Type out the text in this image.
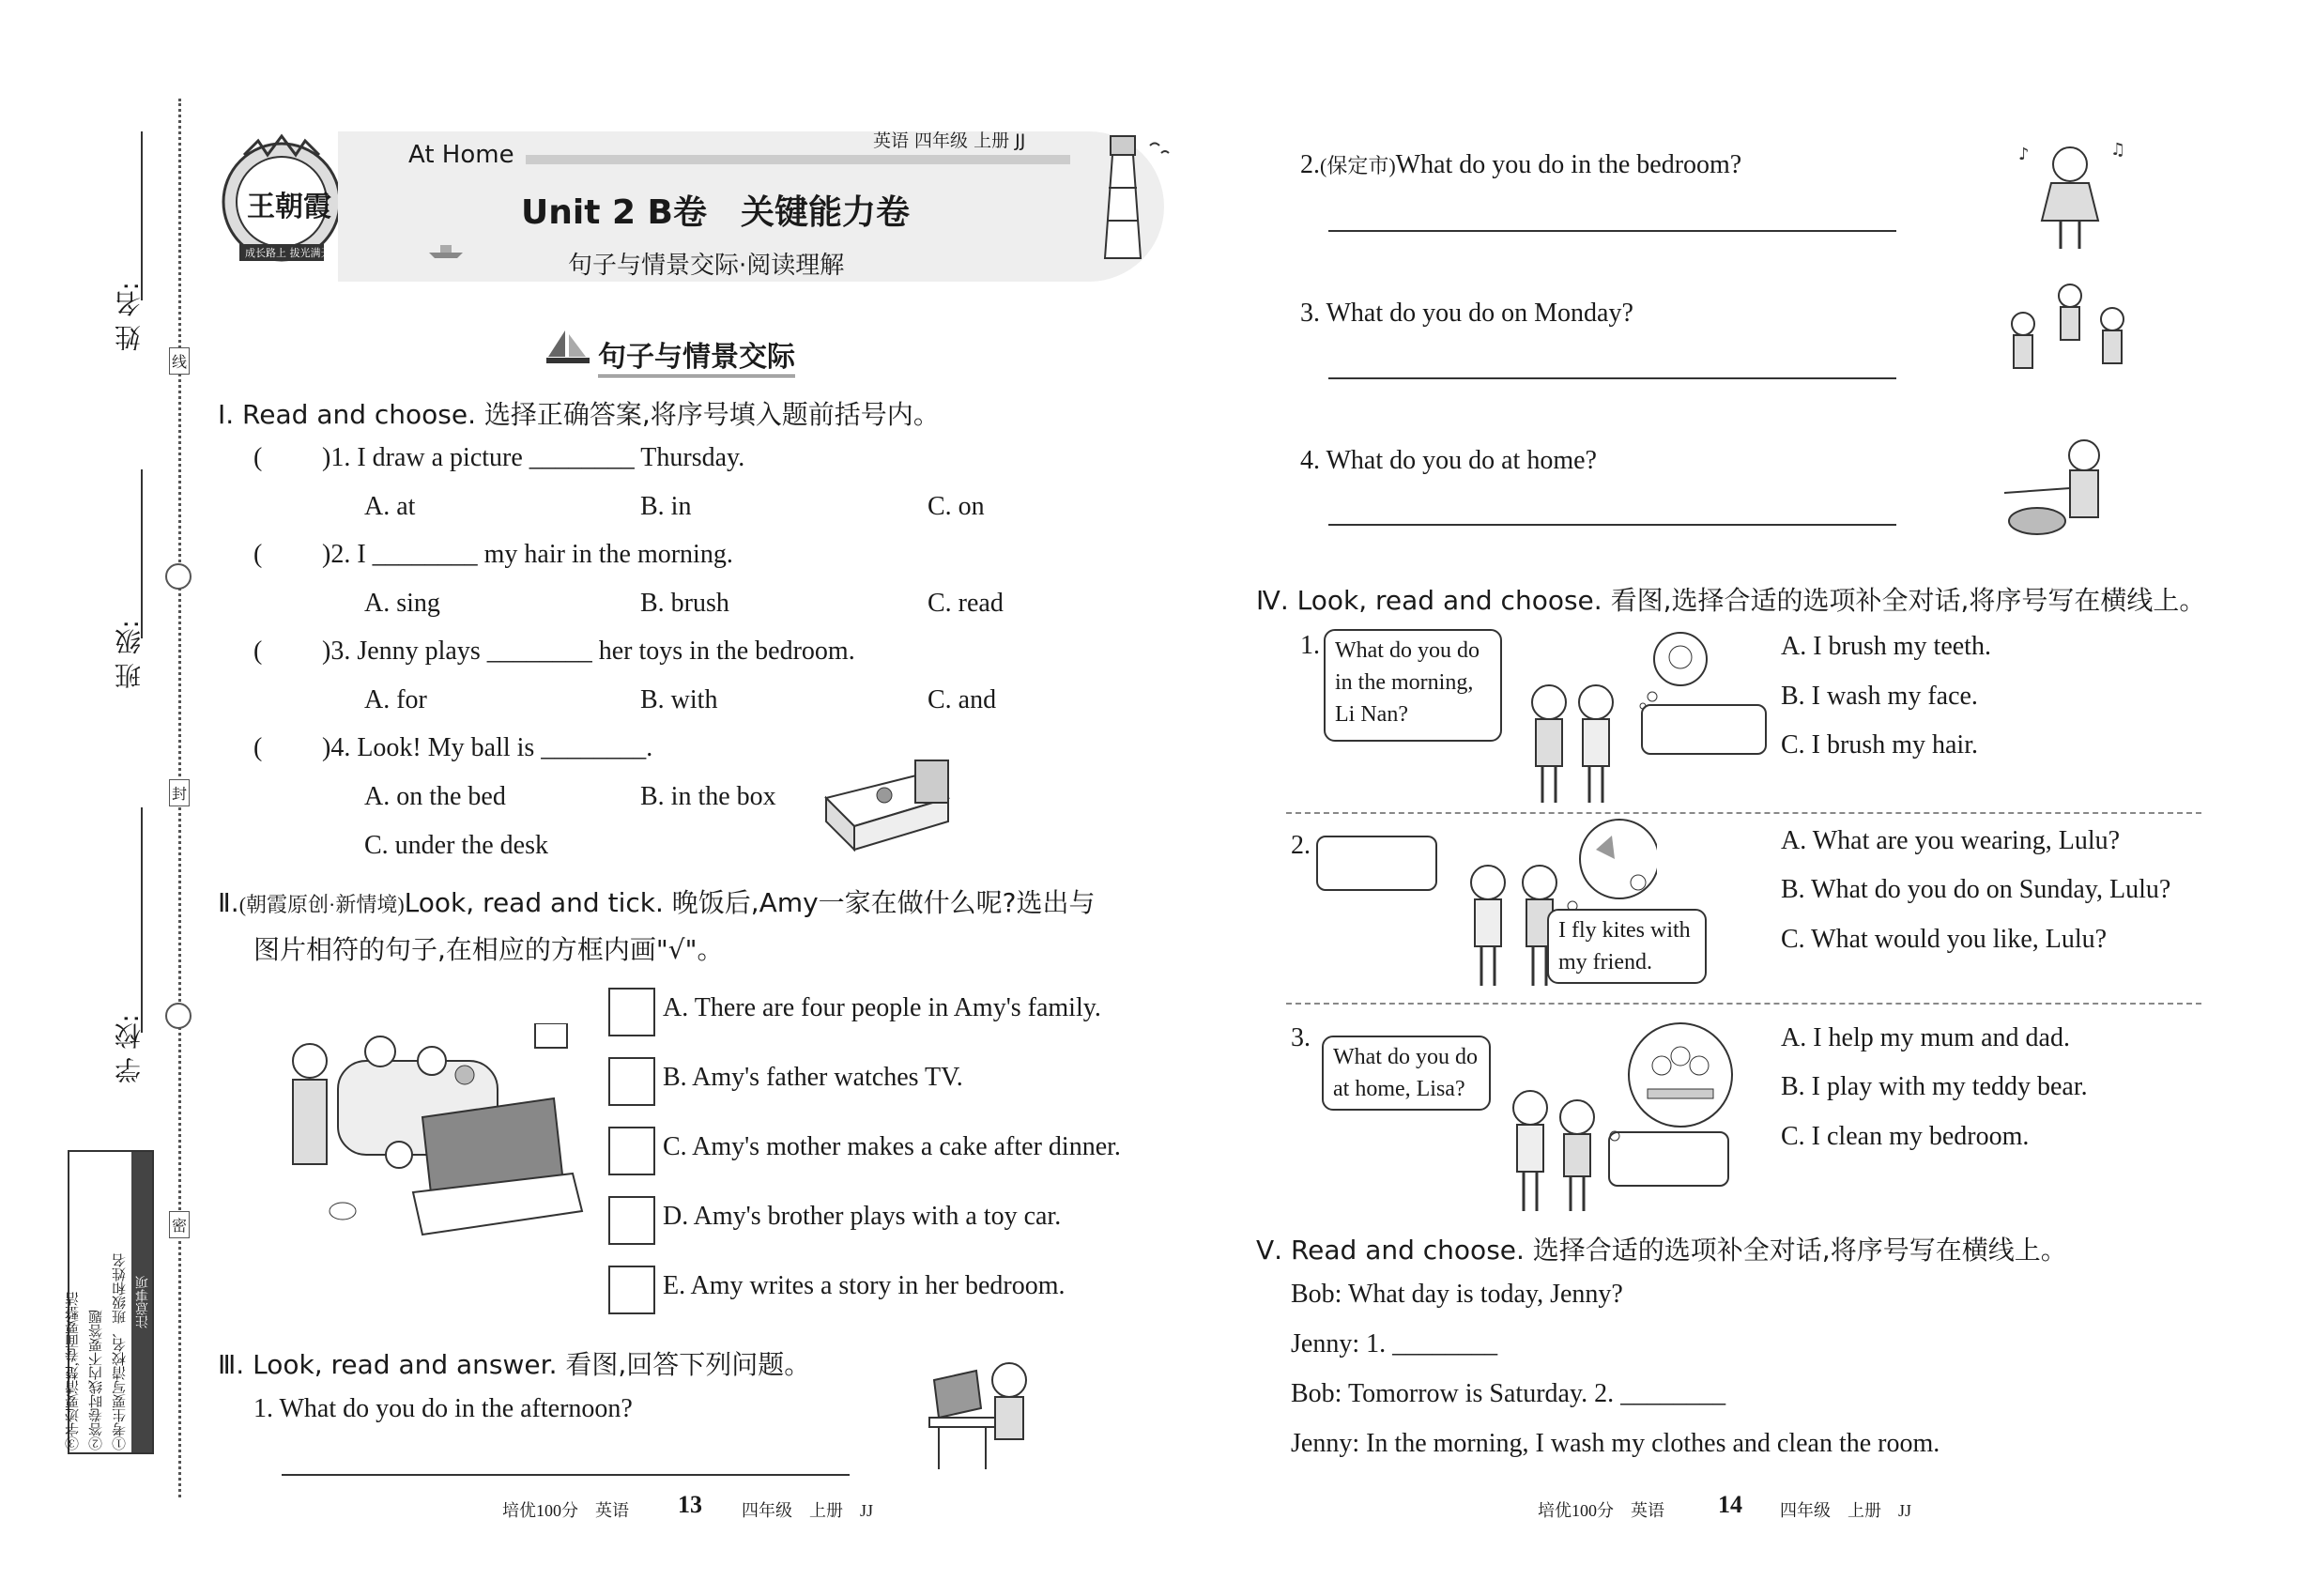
姓 名:
班 级:
学 校:
线
封
密
注意事项
①考生要写清校名、班级和姓名
②答卷时线内不要答题
③字迹要清楚,卷面要整洁
王朝霞
成长路上 拔光满天
At Home	英语 四年级 上册 JJ
Unit 2 B卷　关键能力卷
句子与情景交际·阅读理解
句子与情景交际
Ⅰ. Read and choose. 选择正确答案,将序号填入题前括号内。
( )1. I draw a picture ________ Thursday.
A. at	B. in	C. on
( )2. I ________ my hair in the morning.
A. sing	B. brush	C. read
( )3. Jenny plays ________ her toys in the bedroom.
A. for	B. with	C. and
( )4. Look! My ball is ________.
A. on the bed	B. in the box
C. under the desk
Ⅱ.(朝霞原创·新情境)Look, read and tick. 晚饭后,Amy一家在做什么呢?选出与
图片相符的句子,在相应的方框内画"√"。
A. There are four people in Amy's family.
B. Amy's father watches TV.
C. Amy's mother makes a cake after dinner.
D. Amy's brother plays with a toy car.
E. Amy writes a story in her bedroom.
Ⅲ. Look, read and answer. 看图,回答下列问题。
1. What do you do in the afternoon?
2.(保定市)What do you do in the bedroom?	♪	♫
3. What do you do on Monday?
4. What do you do at home?
Ⅳ. Look, read and choose. 看图,选择合适的选项补全对话,将序号写在横线上。
1. What do you do in the morning, Li Nan?
A. I brush my teeth.
B. I wash my face.
C. I brush my hair.
2.
I fly kites with my friend.
A. What are you wearing, Lulu?
B. What do you do on Sunday, Lulu?
C. What would you like, Lulu?
3.
What do you do at home, Lisa?
A. I help my mum and dad.
B. I play with my teddy bear.
C. I clean my bedroom.
Ⅴ. Read and choose. 选择合适的选项补全对话,将序号写在横线上。
Bob: What day is today, Jenny?
Jenny: 1. ________
Bob: Tomorrow is Saturday. 2. ________
Jenny: In the morning, I wash my clothes and clean the room.
培优100分　英语 13 四年级　上册　JJ	培优100分　英语 14 四年级　上册　JJ
